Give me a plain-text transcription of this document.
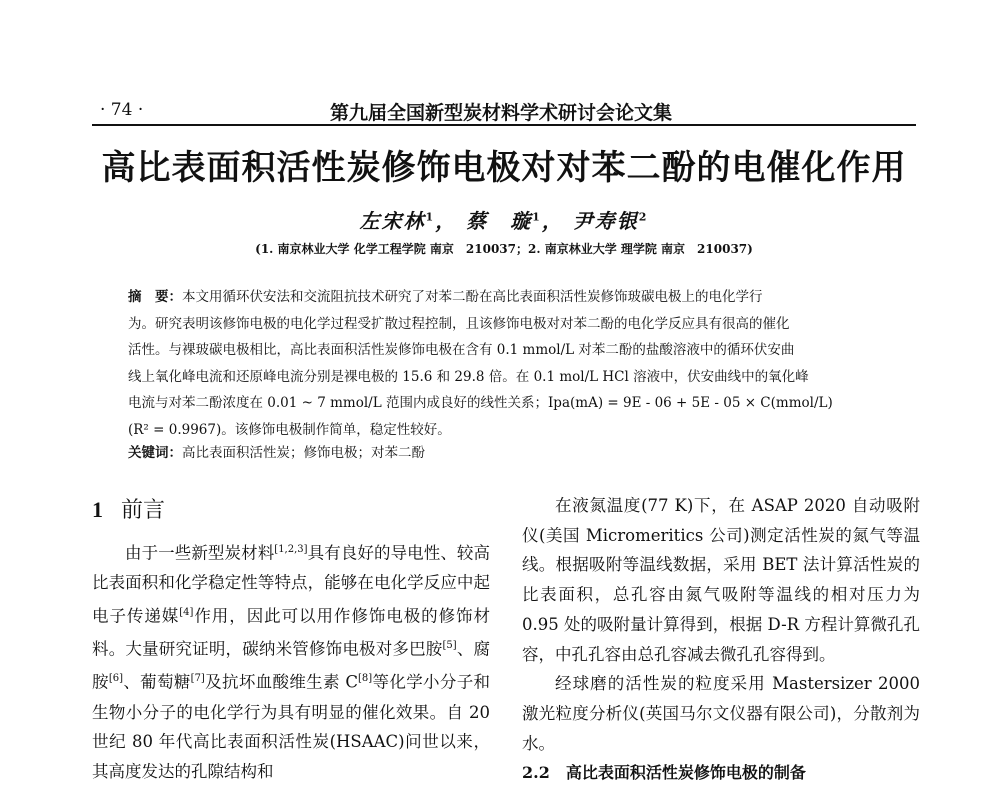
· 74 ·	第九届全国新型炭材料学术研讨会论文集
高比表面积活性炭修饰电极对对苯二酚的电催化作用
左宋林$^1$， 蔡　璇$^1$， 尹寿银$^2$
(1. 南京林业大学 化学工程学院 南京　210037；2. 南京林业大学 理学院 南京　210037)
摘　要：本文用循环伏安法和交流阻抗技术研究了对苯二酚在高比表面积活性炭修饰玻碳电极上的电化学行
为。研究表明该修饰电极的电化学过程受扩散过程控制，且该修饰电极对对苯二酚的电化学反应具有很高的催化
活性。与裸玻碳电极相比，高比表面积活性炭修饰电极在含有 0.1 mmol/L 对苯二酚的盐酸溶液中的循环伏安曲
线上氧化峰电流和还原峰电流分别是裸电极的 15.6 和 29.8 倍。在 0.1 mol/L HCl 溶液中，伏安曲线中的氧化峰
电流与对苯二酚浓度在 0.01 ~ 7 mmol/L 范围内成良好的线性关系；Ipa(mA) = 9E - 06 + 5E - 05 × C(mmol/L)
(R² = 0.9967)。该修饰电极制作简单，稳定性较好。
关键词：高比表面积活性炭；修饰电极；对苯二酚
1 前言

由于一些新型炭材料[1,2,3]具有良好的导电性、较高比表面积和化学稳定性等特点，能够在电化学反应中起电子传递媒[4]作用，因此可以用作修饰电极的修饰材料。大量研究证明，碳纳米管修饰电极对多巴胺[5]、腐胺[6]、葡萄糖[7]及抗坏血酸维生素 C[8]等化学小分子和生物小分子的电化学行为具有明显的催化效果。自 20 世纪 80 年代高比表面积活性炭(HSAAC)问世以来，其高度发达的孔隙结构和

在液氮温度(77 K)下，在 ASAP 2020 自动吸附仪(美国 Micromeritics 公司)测定活性炭的氮气等温线。根据吸附等温线数据，采用 BET 法计算活性炭的比表面积，总孔容由氮气吸附等温线的相对压力为 0.95 处的吸附量计算得到，根据 D-R 方程计算微孔孔容，中孔孔容由总孔容减去微孔孔容得到。

经球磨的活性炭的粒度采用 Mastersizer 2000 激光粒度分析仪(英国马尔文仪器有限公司)，分散剂为水。

2.2　高比表面积活性炭修饰电极的制备
